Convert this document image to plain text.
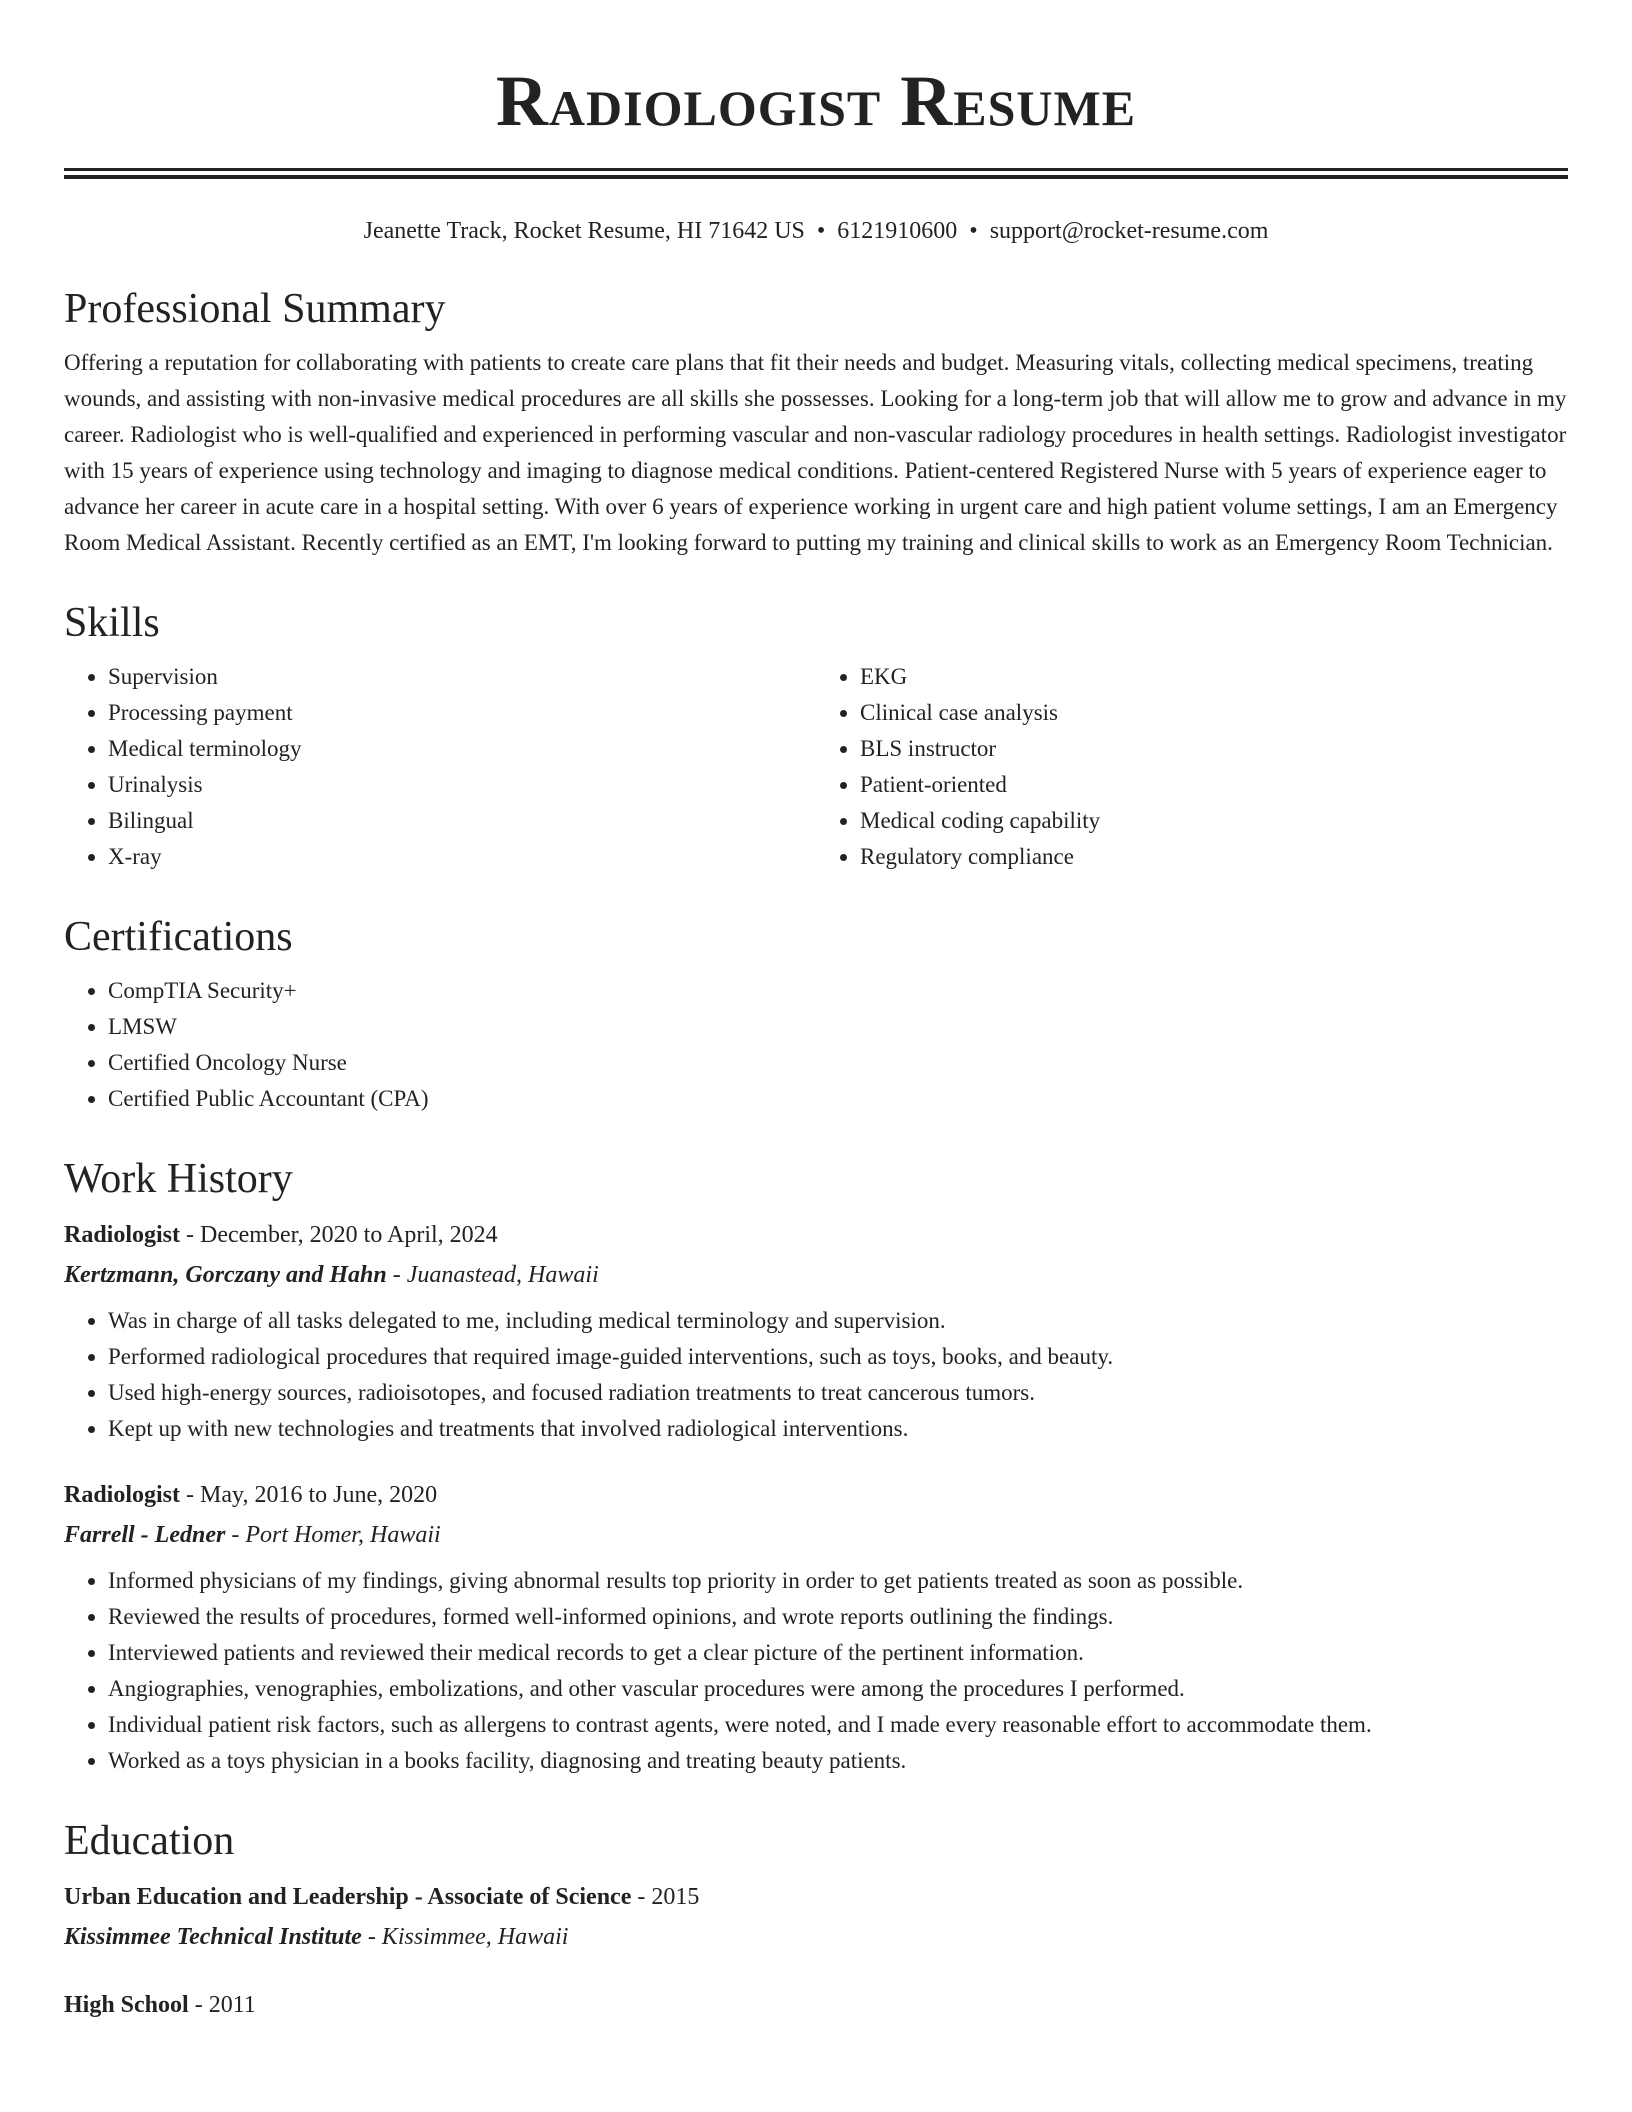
Radiologist Resume
Jeanette Track, Rocket Resume, HI 71642 US • 6121910600 • support@rocket-resume.com
Professional Summary

Offering a reputation for collaborating with patients to create care plans that fit their needs and budget. Measuring vitals, collecting medical specimens, treating wounds, and assisting with non-invasive medical procedures are all skills she possesses. Looking for a long-term job that will allow me to grow and advance in my career. Radiologist who is well-qualified and experienced in performing vascular and non-vascular radiology procedures in health settings. Radiologist investigator with 15 years of experience using technology and imaging to diagnose medical conditions. Patient-centered Registered Nurse with 5 years of experience eager to advance her career in acute care in a hospital setting. With over 6 years of experience working in urgent care and high patient volume settings, I am an Emergency Room Medical Assistant. Recently certified as an EMT, I'm looking forward to putting my training and clinical skills to work as an Emergency Room Technician.

Skills
• Supervision
• Processing payment
• Medical terminology
• Urinalysis
• Bilingual
• X-ray
• EKG
• Clinical case analysis
• BLS instructor
• Patient-oriented
• Medical coding capability
• Regulatory compliance
Certifications
• CompTIA Security+
• LMSW
• Certified Oncology Nurse
• Certified Public Accountant (CPA)
Work History
Radiologist - December, 2020 to April, 2024
Kertzmann, Gorczany and Hahn - Juanastead, Hawaii
• Was in charge of all tasks delegated to me, including medical terminology and supervision.
• Performed radiological procedures that required image-guided interventions, such as toys, books, and beauty.
• Used high-energy sources, radioisotopes, and focused radiation treatments to treat cancerous tumors.
• Kept up with new technologies and treatments that involved radiological interventions.
Radiologist - May, 2016 to June, 2020
Farrell - Ledner - Port Homer, Hawaii
• Informed physicians of my findings, giving abnormal results top priority in order to get patients treated as soon as possible.
• Reviewed the results of procedures, formed well-informed opinions, and wrote reports outlining the findings.
• Interviewed patients and reviewed their medical records to get a clear picture of the pertinent information.
• Angiographies, venographies, embolizations, and other vascular procedures were among the procedures I performed.
• Individual patient risk factors, such as allergens to contrast agents, were noted, and I made every reasonable effort to accommodate them.
• Worked as a toys physician in a books facility, diagnosing and treating beauty patients.
Education
Urban Education and Leadership - Associate of Science - 2015
Kissimmee Technical Institute - Kissimmee, Hawaii
High School - 2011
